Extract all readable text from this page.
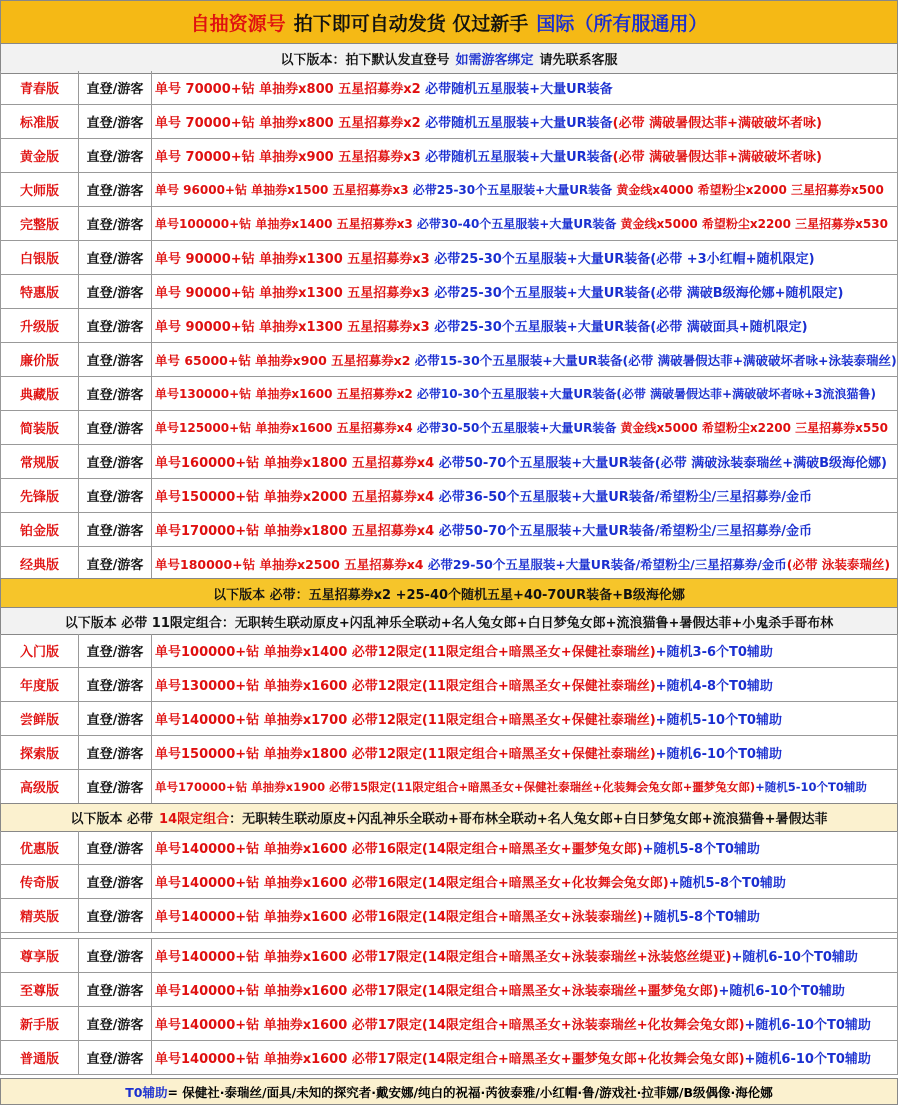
自抽资源号 拍下即可自动发货 仅过新手 国际（所有服通用）
以下版本：拍下默认发直登号 如需游客绑定 请先联系客服
青春版	直登/游客 单号 70000+钻 单抽券x800 五星招募券x2 必带随机五星服装+大量UR装备
标准版	直登/游客 单号 70000+钻 单抽券x800 五星招募券x2 必带随机五星服装+大量UR装备 (必带 满破暑假达菲+满破破坏者咏)
黄金版	直登/游客 单号 70000+钻 单抽券x900 五星招募券x3 必带随机五星服装+大量UR装备 (必带 满破暑假达菲+满破破坏者咏)
大师版	直登/游客 单号 96000+钻 单抽券x1500 五星招募券x3 必带25-30个五星服装+大量UR装备 黄金线x4000 希望粉尘x2000 三星招募券x500
完整版	直登/游客 单号100000+钻 单抽券x1400 五星招募券x3 必带30-40个五星服装+大量UR装备 黄金线x5000 希望粉尘x2200 三星招募券x530
白银版	直登/游客 单号 90000+钻 单抽券x1300 五星招募券x3 必带25-30个五星服装+大量UR装备(必带 +3小红帽+随机限定)
特惠版	直登/游客 单号 90000+钻 单抽券x1300 五星招募券x3 必带25-30个五星服装+大量UR装备(必带 满破B级海伦娜+随机限定)
升级版	直登/游客 单号 90000+钻 单抽券x1300 五星招募券x3 必带25-30个五星服装+大量UR装备(必带 满破面具+随机限定)
廉价版	直登/游客 单号 65000+钻 单抽券x900 五星招募券x2 必带15-30个五星服装+大量UR装备(必带 满破暑假达菲+满破破坏者咏+泳装泰瑞丝)
典藏版	直登/游客 单号130000+钻 单抽券x1600 五星招募券x2 必带10-30个五星服装+大量UR装备(必带 满破暑假达菲+满破破坏者咏+3流浪猫鲁)
简装版	直登/游客 单号125000+钻 单抽券x1600 五星招募券x4 必带30-50个五星服装+大量UR装备 黄金线x5000 希望粉尘x2200 三星招募券x550
常规版	直登/游客 单号160000+钻 单抽券x1800 五星招募券x4 必带50-70个五星服装+大量UR装备(必带 满破泳装泰瑞丝+满破B级海伦娜)
先锋版	直登/游客 单号150000+钻 单抽券x2000 五星招募券x4 必带36-50个五星服装+大量UR装备/希望粉尘/三星招募券/金币
铂金版	直登/游客 单号170000+钻 单抽券x1800 五星招募券x4 必带50-70个五星服装+大量UR装备/希望粉尘/三星招募券/金币
经典版	直登/游客 单号180000+钻 单抽券x2500 五星招募券x4 必带29-50个五星服装+大量UR装备/希望粉尘/三星招募券/金币 (必带 泳装泰瑞丝)
以下版本 必带：五星招募券x2 +25-40个随机五星+40-70UR装备+B级海伦娜
以下版本 必带 11限定组合：无职转生联动原皮+闪乱神乐全联动+名人兔女郎+白日梦兔女郎+流浪猫鲁+暑假达菲+小鬼杀手哥布林
入门版	直登/游客 单号100000+钻 单抽券x1400 必带12限定(11限定组合+暗黑圣女+保健社泰瑞丝) +随机3-6个T0辅助
年度版	直登/游客 单号130000+钻 单抽券x1600 必带12限定(11限定组合+暗黑圣女+保健社泰瑞丝) +随机4-8个T0辅助
尝鲜版	直登/游客 单号140000+钻 单抽券x1700 必带12限定(11限定组合+暗黑圣女+保健社泰瑞丝) +随机5-10个T0辅助
探索版	直登/游客 单号150000+钻 单抽券x1800 必带12限定(11限定组合+暗黑圣女+保健社泰瑞丝) +随机6-10个T0辅助
高级版	直登/游客	单号170000+钻 单抽券x1900 必带15限定(11限定组合+暗黑圣女+保健社泰瑞丝+化装舞会兔女郎+噩梦兔女郎) +随机5-10个T0辅助
以下版本 必带 14限定组合 ：无职转生联动原皮+闪乱神乐全联动+哥布林全联动+名人兔女郎+白日梦兔女郎+流浪猫鲁+暑假达菲
优惠版	直登/游客 单号140000+钻 单抽券x1600 必带16限定(14限定组合+暗黑圣女+噩梦兔女郎) +随机5-8个T0辅助
传奇版	直登/游客 单号140000+钻 单抽券x1600 必带16限定(14限定组合+暗黑圣女+化妆舞会兔女郎) +随机5-8个T0辅助
精英版	直登/游客 单号140000+钻 单抽券x1600 必带16限定(14限定组合+暗黑圣女+泳装泰瑞丝) +随机5-8个T0辅助
尊享版	直登/游客 单号140000+钻 单抽券x1600 必带17限定(14限定组合+暗黑圣女+泳装泰瑞丝+泳装悠丝缇亚) +随机6-10个T0辅助
至尊版	直登/游客 单号140000+钻 单抽券x1600 必带17限定(14限定组合+暗黑圣女+泳装泰瑞丝+噩梦兔女郎) +随机6-10个T0辅助
新手版	直登/游客 单号140000+钻 单抽券x1600 必带17限定(14限定组合+暗黑圣女+泳装泰瑞丝+化妆舞会兔女郎) +随机6-10个T0辅助
普通版	直登/游客 单号140000+钻 单抽券x1600 必带17限定(14限定组合+暗黑圣女+噩梦兔女郎+化妆舞会兔女郎) +随机6-10个T0辅助
T0辅助 = 保健社·泰瑞丝/面具/未知的探究者·戴安娜/纯白的祝福·芮彼泰雅/小红帽·鲁/游戏社·拉菲娜/B级偶像·海伦娜
